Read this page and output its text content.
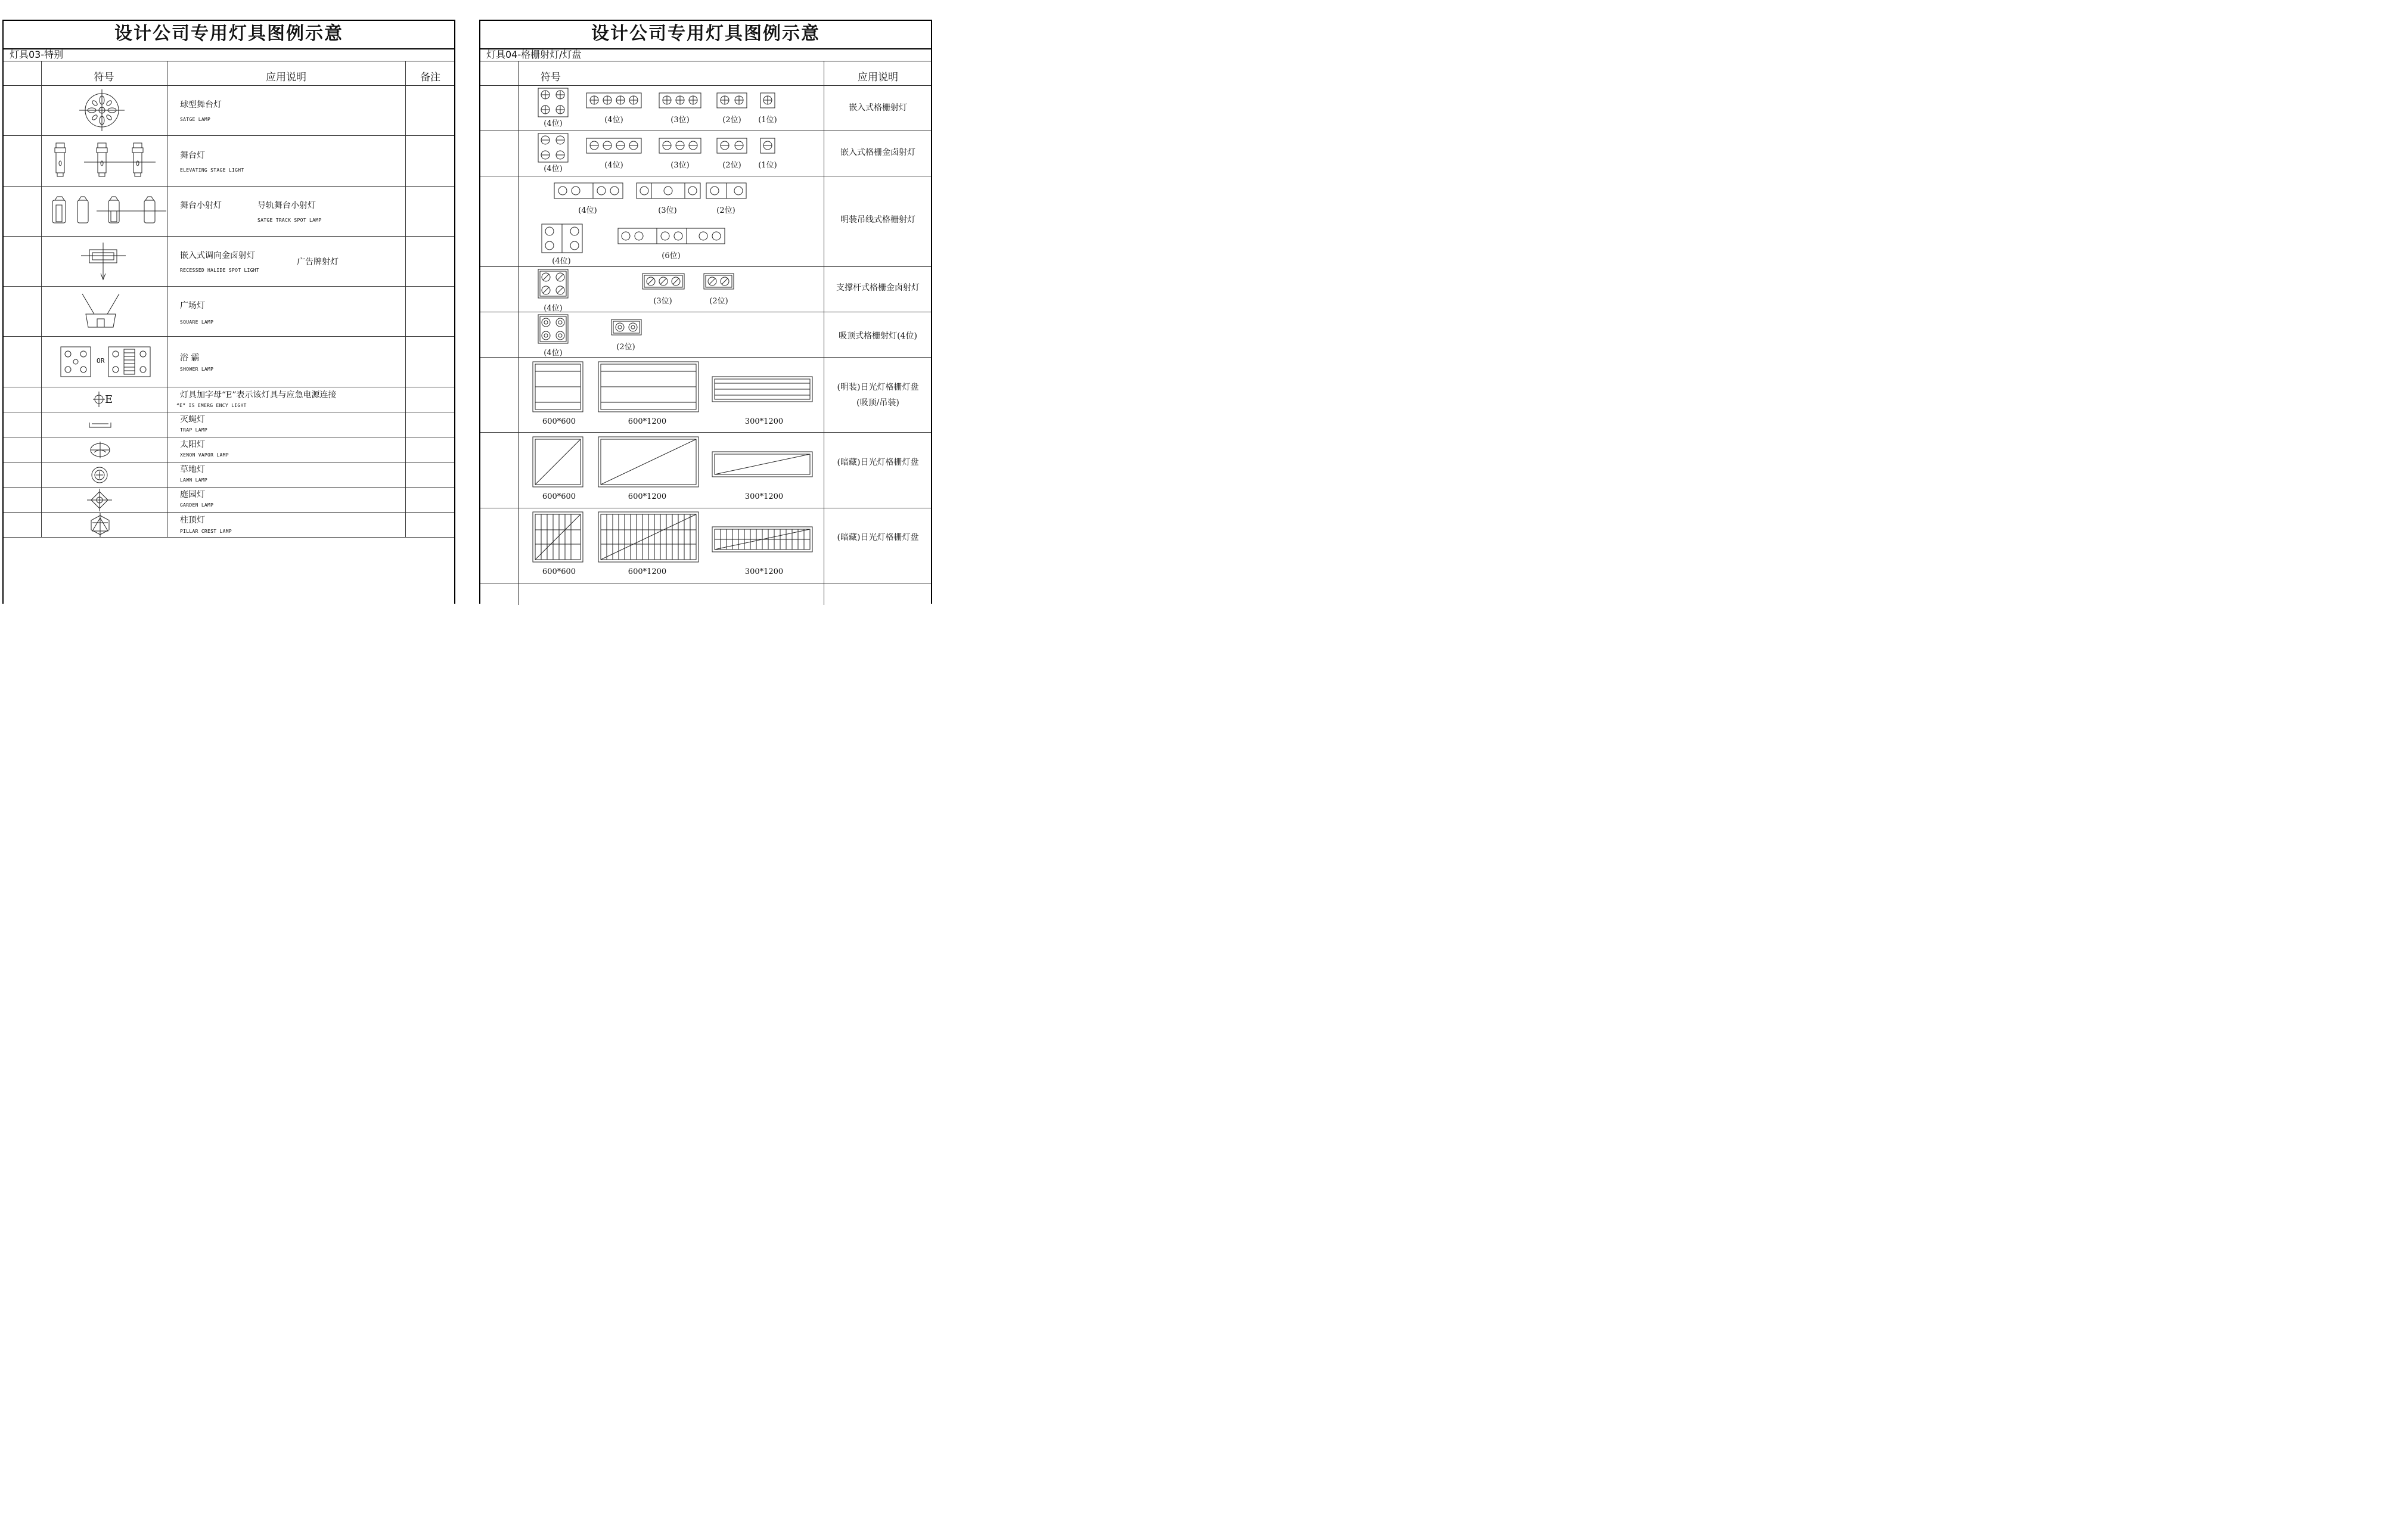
设计公司专用灯具图例示意
灯具03-特别
符号	应用说明	备注
球型舞台灯
SATGE LAMP
舞台灯
ELEVATING STAGE LIGHT
舞台小射灯	导轨舞台小射灯
SATGE TRACK SPOT LAMP
嵌入式调向金卤射灯
广告牌射灯
RECESSED HALIDE SPOT LIGHT
广场灯
SQUARE LAMP
OR	浴 霸
SHOWER LAMP
E	灯具加字母“E”表示该灯具与应急电源连接
“E” IS EMERG ENCY LIGHT
灭蝇灯
TRAP LAMP
太阳灯
XENON VAPOR LAMP
草地灯
LAWN LAMP
庭园灯
GARDEN LAMP
柱顶灯
PILLAR CREST LAMP
设计公司专用灯具图例示意
灯具04-格栅射灯/灯盘
符号	应用说明
(4位)	(4位)	(3位)	(2位)	(1位)
嵌入式格栅射灯
(4位)	(4位)	(3位)	(2位)	(1位)
嵌入式格栅金卤射灯
(4位)	(3位)	(2位)
(4位)
(6位)
明装吊线式格栅射灯
(4位)
(3位)	(2位)
支撑杆式格栅金卤射灯
(4位)
(2位)
吸顶式格栅射灯(4位)
600*600	600*1200	300*1200
(明装)日光灯格栅灯盘
(吸顶/吊装)
600*600	600*1200	300*1200
(暗藏)日光灯格栅灯盘
600*600	600*1200	300*1200
(暗藏)日光灯格栅灯盘
